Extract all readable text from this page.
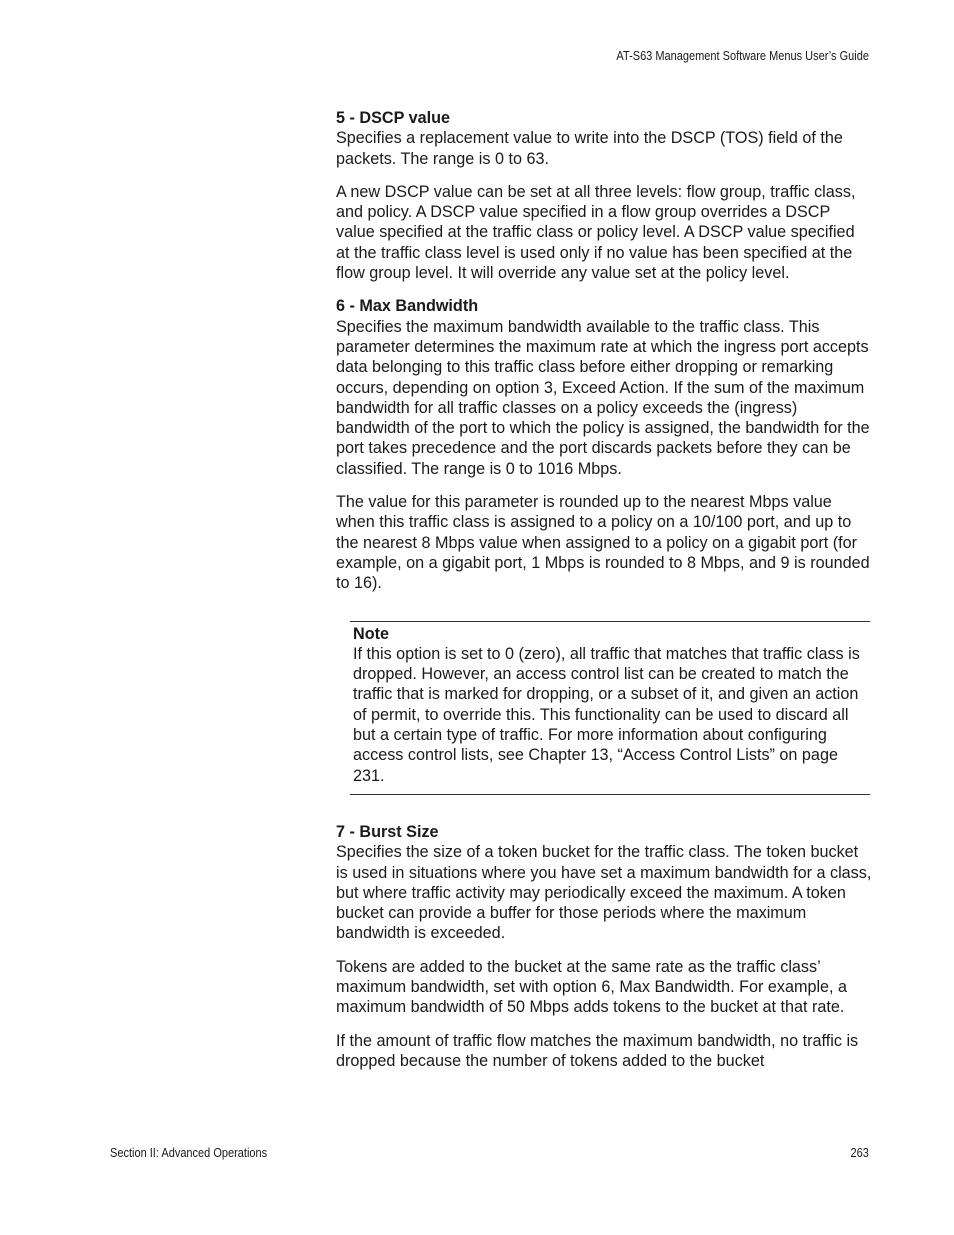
AT-S63 Management Software Menus User’s Guide
5 - DSCP value

Specifies a replacement value to write into the DSCP (TOS) field of the packets. The range is 0 to 63.

A new DSCP value can be set at all three levels: flow group, traffic class, and policy. A DSCP value specified in a flow group overrides a DSCP value specified at the traffic class or policy level. A DSCP value specified at the traffic class level is used only if no value has been specified at the flow group level. It will override any value set at the policy level.

6 - Max Bandwidth

Specifies the maximum bandwidth available to the traffic class. This parameter determines the maximum rate at which the ingress port accepts data belonging to this traffic class before either dropping or remarking occurs, depending on option 3, Exceed Action. If the sum of the maximum bandwidth for all traffic classes on a policy exceeds the (ingress) bandwidth of the port to which the policy is assigned, the bandwidth for the port takes precedence and the port discards packets before they can be classified. The range is 0 to 1016 Mbps.

The value for this parameter is rounded up to the nearest Mbps value when this traffic class is assigned to a policy on a 10/100 port, and up to the nearest 8 Mbps value when assigned to a policy on a gigabit port (for example, on a gigabit port, 1 Mbps is rounded to 8 Mbps, and 9 is rounded to 16).

Note

If this option is set to 0 (zero), all traffic that matches that traffic class is dropped. However, an access control list can be created to match the traffic that is marked for dropping, or a subset of it, and given an action of permit, to override this. This functionality can be used to discard all but a certain type of traffic. For more information about configuring access control lists, see Chapter 13, “Access Control Lists” on page 231.

7 - Burst Size

Specifies the size of a token bucket for the traffic class. The token bucket is used in situations where you have set a maximum bandwidth for a class, but where traffic activity may periodically exceed the maximum. A token bucket can provide a buffer for those periods where the maximum bandwidth is exceeded.

Tokens are added to the bucket at the same rate as the traffic class’ maximum bandwidth, set with option 6, Max Bandwidth. For example, a maximum bandwidth of 50 Mbps adds tokens to the bucket at that rate.

If the amount of traffic flow matches the maximum bandwidth, no traffic is dropped because the number of tokens added to the bucket

Section II: Advanced Operations	263
